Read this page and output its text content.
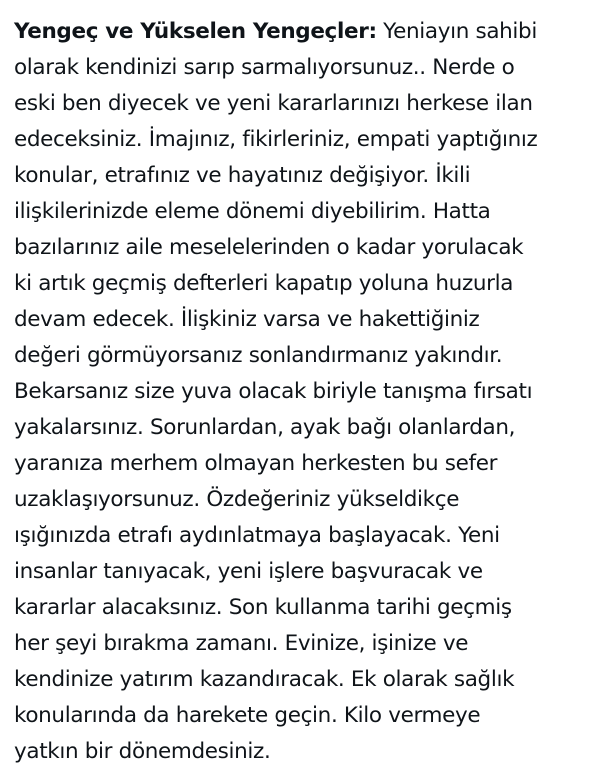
Yengeç ve Yükselen Yengeçler: Yeniayın sahibi
olarak kendinizi sarıp sarmalıyorsunuz.. Nerde o
eski ben diyecek ve yeni kararlarınızı herkese ilan
edeceksiniz. İmajınız, fikirleriniz, empati yaptığınız
konular, etrafınız ve hayatınız değişiyor. İkili
ilişkilerinizde eleme dönemi diyebilirim. Hatta
bazılarınız aile meselelerinden o kadar yorulacak
ki artık geçmiş defterleri kapatıp yoluna huzurla
devam edecek. İlişkiniz varsa ve hakettiğiniz
değeri görmüyorsanız sonlandırmanız yakındır.
Bekarsanız size yuva olacak biriyle tanışma fırsatı
yakalarsınız. Sorunlardan, ayak bağı olanlardan,
yaranıza merhem olmayan herkesten bu sefer
uzaklaşıyorsunuz. Özdeğeriniz yükseldikçe
ışığınızda etrafı aydınlatmaya başlayacak. Yeni
insanlar tanıyacak, yeni işlere başvuracak ve
kararlar alacaksınız. Son kullanma tarihi geçmiş
her şeyi bırakma zamanı. Evinize, işinize ve
kendinize yatırım kazandıracak. Ek olarak sağlık
konularında da harekete geçin. Kilo vermeye
yatkın bir dönemdesiniz.
